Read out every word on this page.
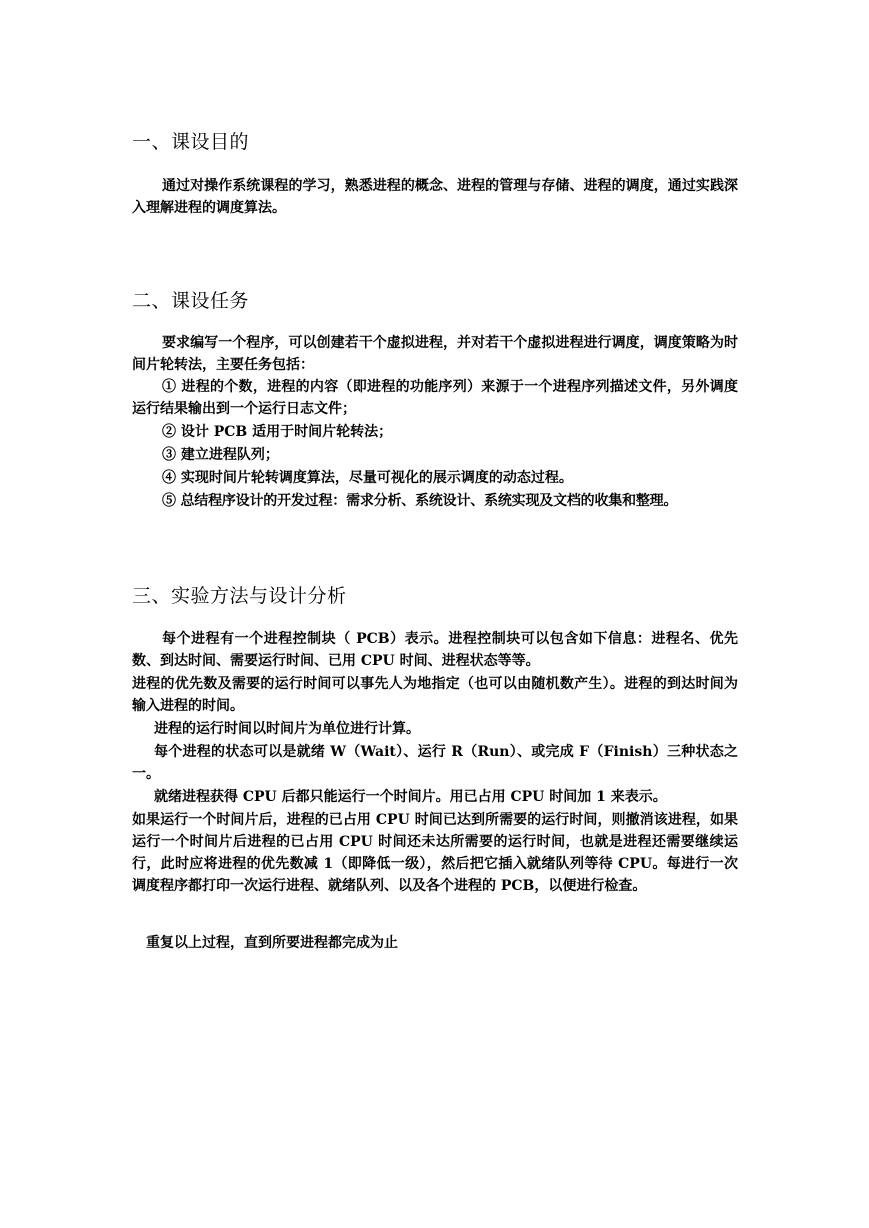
一、课设目的

通过对操作系统课程的学习，熟悉进程的概念、进程的管理与存储、进程的调度，通过实践深入理解进程的调度算法。

二、课设任务

要求编写一个程序，可以创建若干个虚拟进程，并对若干个虚拟进程进行调度，调度策略为时间片轮转法，主要任务包括：

① 进程的个数，进程的内容（即进程的功能序列）来源于一个进程序列描述文件，另外调度运行结果输出到一个运行日志文件；

② 设计 PCB 适用于时间片轮转法；

③ 建立进程队列；

④ 实现时间片轮转调度算法，尽量可视化的展示调度的动态过程。

⑤ 总结程序设计的开发过程：需求分析、系统设计、系统实现及文档的收集和整理。

三、实验方法与设计分析

每个进程有一个进程控制块（ PCB）表示。进程控制块可以包含如下信息：进程名、优先数、到达时间、需要运行时间、已用 CPU 时间、进程状态等等。

进程的优先数及需要的运行时间可以事先人为地指定（也可以由随机数产生）。进程的到达时间为输入进程的时间。

进程的运行时间以时间片为单位进行计算。

每个进程的状态可以是就绪 W（Wait）、运行 R（Run）、或完成 F（Finish）三种状态之一。

就绪进程获得 CPU 后都只能运行一个时间片。用已占用 CPU 时间加 1 来表示。

如果运行一个时间片后，进程的已占用 CPU 时间已达到所需要的运行时间，则撤消该进程，如果运行一个时间片后进程的已占用 CPU 时间还未达所需要的运行时间，也就是进程还需要继续运行，此时应将进程的优先数减 1（即降低一级），然后把它插入就绪队列等待 CPU。每进行一次调度程序都打印一次运行进程、就绪队列、以及各个进程的 PCB，以便进行检查。

重复以上过程，直到所要进程都完成为止
